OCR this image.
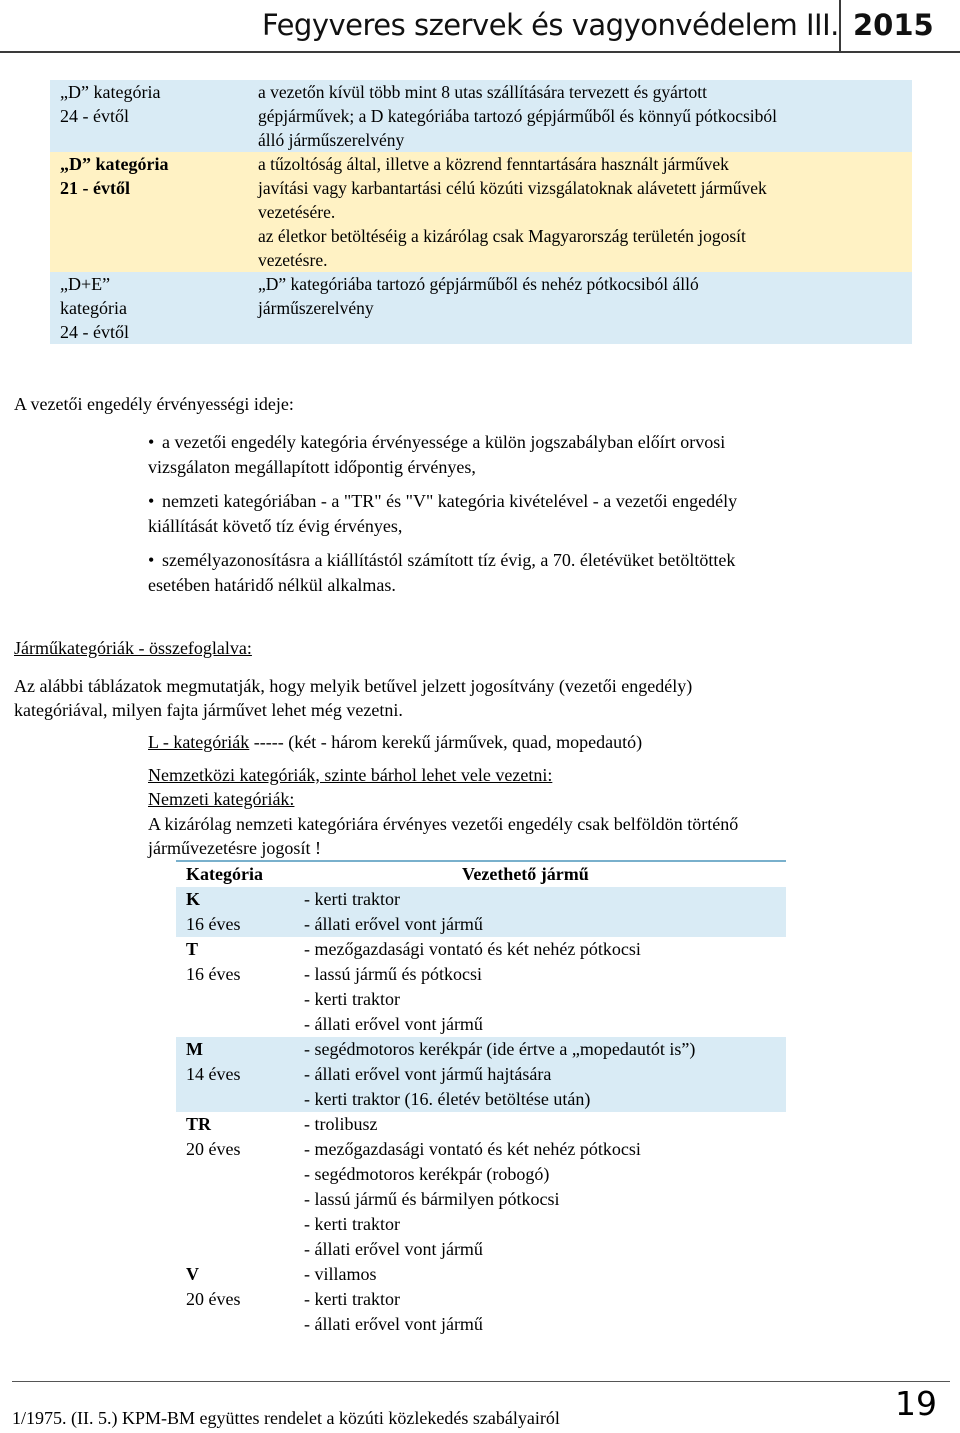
Fegyveres szervek és vagyonvédelem III. 2015
„D” kategória
24 - évtől

a vezetőn kívül több mint 8 utas szállítására tervezett és gyártott

gépjárművek; a D kategóriába tartozó gépjárműből és könnyű pótkocsiból

álló járműszerelvény

„D” kategória
21 - évtől

a tűzoltóság által, illetve a közrend fenntartására használt járművek

javítási vagy karbantartási célú közúti vizsgálatoknak alávetett járművek

vezetésére.

az életkor betöltéséig a kizárólag csak Magyarország területén jogosít

vezetésre.

„D+E” kategória
24 - évtől

„D” kategóriába tartozó gépjárműből és nehéz pótkocsiból álló

járműszerelvény

A vezetői engedély érvényességi ideje:
• a vezetői engedély kategória érvényessége a külön jogszabályban előírt orvosi
vizsgálaton megállapított időpontig érvényes,
• nemzeti kategóriában - a "TR" és "V" kategória kivételével - a vezetői engedély
kiállítását követő tíz évig érvényes,
• személyazonosításra a kiállítástól számított tíz évig, a 70. életévüket betöltöttek
esetében határidő nélkül alkalmas.
Járműkategóriák - összefoglalva:
Az alábbi táblázatok megmutatják, hogy melyik betűvel jelzett jogosítvány (vezetői engedély)
kategóriával, milyen fajta járművet lehet még vezetni.
L - kategóriák ----- (két - három kerekű járművek, quad, mopedautó)
Nemzetközi kategóriák, szinte bárhol lehet vele vezetni:
Nemzeti kategóriák:
A kizárólag nemzeti kategóriára érvényes vezetői engedély csak belföldön történő
járművezetésre jogosít !
Kategória	Vezethető jármű
K
16 éves
- kerti traktor
- állati erővel vont jármű
T
16 éves
- mezőgazdasági vontató és két nehéz pótkocsi
- lassú jármű és pótkocsi
- kerti traktor
- állati erővel vont jármű
M
14 éves
- segédmotoros kerékpár (ide értve a „mopedautót is”)
- állati erővel vont jármű hajtására
- kerti traktor (16. életév betöltése után)
TR
20 éves
- trolibusz
- mezőgazdasági vontató és két nehéz pótkocsi
- segédmotoros kerékpár (robogó)
- lassú jármű és bármilyen pótkocsi
- kerti traktor
- állati erővel vont jármű
V
20 éves
- villamos
- kerti traktor
- állati erővel vont jármű
1/1975. (II. 5.) KPM-BM együttes rendelet a közúti közlekedés szabályairól	19
